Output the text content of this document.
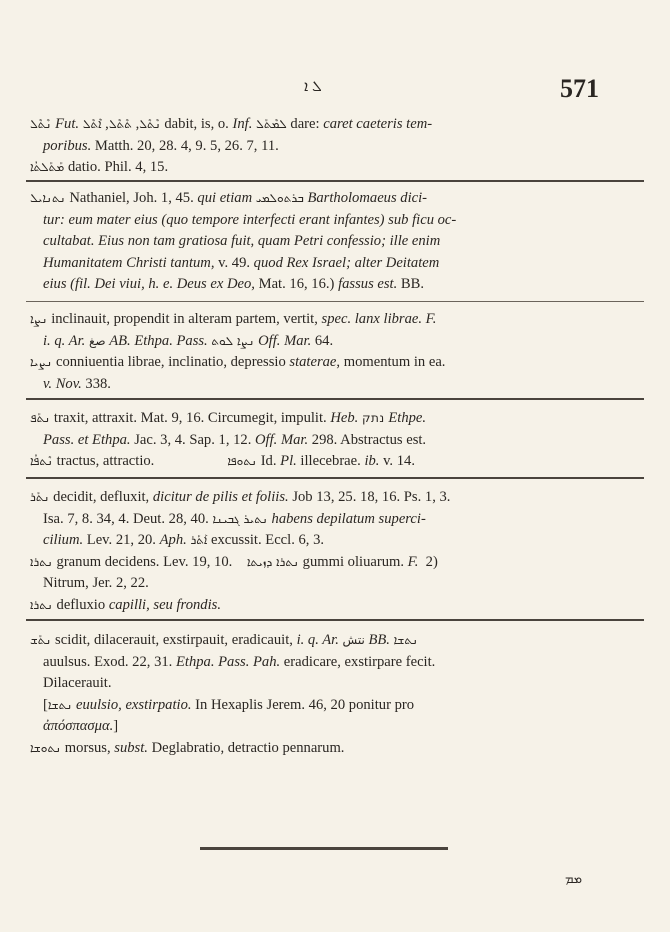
ܠ ܐ	571

ܢܶܬܶܠ Fut.	ܢܶܬܶܠ, ܬܶܬܶܠ, ܐܶܬܶܠ	dabit, is, o. Inf. ܠܡܶܬܰܠ dare: caret caeteris tem-

poribus. Matth. 20, 28. 4, 9. 5, 26. 7, 11.

ܡܰܬܰܠܬܳܐ datio. Phil. 4, 15.

ܢܬܢܐܝܠ Nathaniel, Joh. 1, 45. qui etiam ܒܪܬܘܠܡܝ Bartholomaeus dici-

tur: eum mater eius (quo tempore interfecti erant infantes) sub ficu oc-

cultabat. Eius non tam gratiosa fuit, quam Petri confessio; ille enim

Humanitatem Christi tantum, v. 49. quod Rex Israel; alter Deitatem

eius (fil. Dei viui, h. e. Deus ex Deo, Mat. 16, 16.) fassus est. BB.

ܢܨܐ inclinauit, propendit in alteram partem, vertit, spec. lanx librae. F.

i. q. Ar. ﺻﻎ AB. Ethpa. Pass. ܢܨܐ ܠܘܬ Off. Mar. 64.

ܢܨܝܐ conniuentia librae, inclinatio, depressio staterae, momentum in ea.

v. Nov. 338.

ܢܬܰܦ traxit, attraxit. Mat. 9, 16. Circumegit, impulit. Heb. נתק Ethpe.

Pass. et Ethpa. Jac. 3, 4. Sap. 1, 12. Off. Mar. 298. Abstractus est.

ܢܶܬܦܳܐ tractus, attractio.                    ܢܬܘܦܐ Id. Pl. illecebrae. ib. v. 14.

ܢܬܰܪ decidit, defluxit, dicitur de pilis et foliis. Job 13, 25. 18, 16. Ps. 1, 3.

Isa. 7, 8. 34, 4. Deut. 28, 40. ܢܬܝܪ ܓܒܝܢܐ habens depilatum superci-

cilium. Lev. 21, 20. Aph. ܐܰܬܰܪ excussit. Eccl. 6, 3.

ܢܬܪܐ granum decidens. Lev. 19, 10.    ܢܬܪܐ ܕܙܝܬܐ gummi oliuarum. F.  2)

Nitrum, Jer. 2, 22.

ܢܬܪܐ defluxio capilli, seu frondis.

ܢܬܰܫ scidit, dilacerauit, exstirpauit, eradicauit, i. q. Ar. ﻧﺘﺶ BB. ܢܬܫܐ

auulsus. Exod. 22, 31. Ethpa. Pass. Pah. eradicare, exstirpare fecit.

Dilacerauit.

[ܢܬܫܐ euulsio, exstirpatio. In Hexaplis Jerem. 46, 20 ponitur pro

ἀπόσπασμα.]

ܢܬܘܫܐ morsus, subst. Deglabratio, detractio pennarum.

ܡܡ
